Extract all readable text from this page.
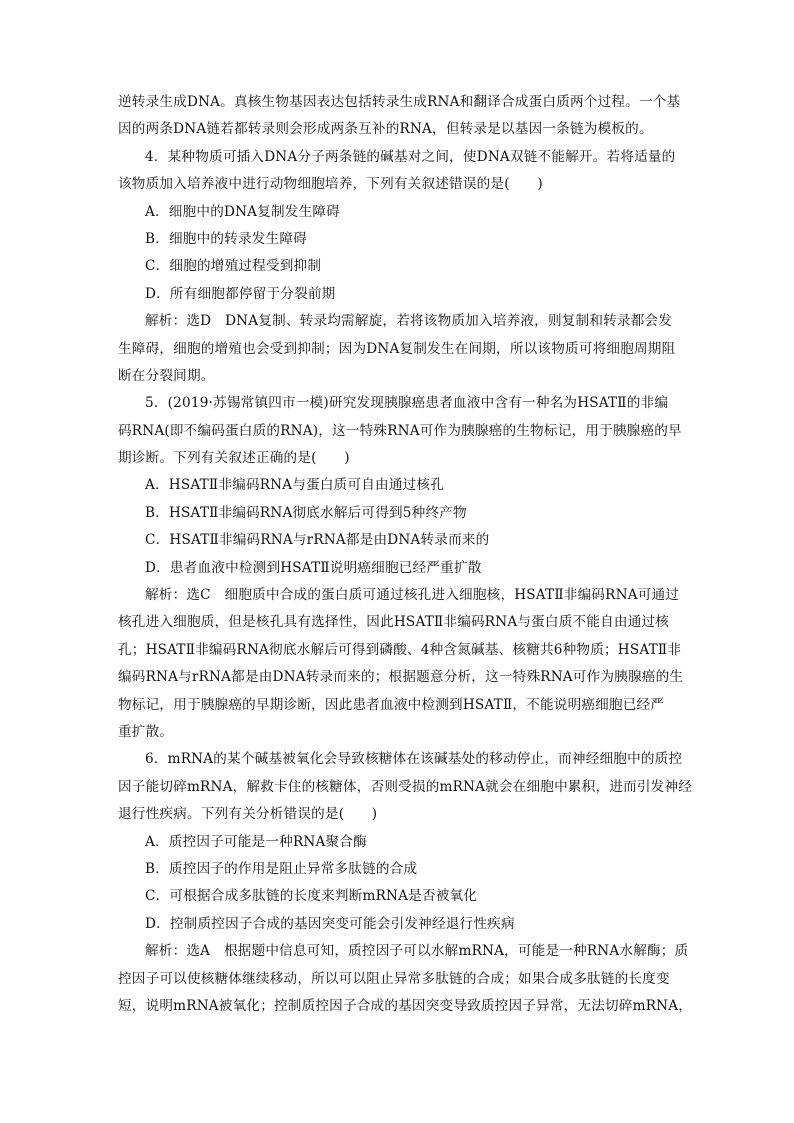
逆转录生成DNA。真核生物基因表达包括转录生成RNA和翻译合成蛋白质两个过程。一个基
因的两条DNA链若都转录则会形成两条互补的RNA，但转录是以基因一条链为模板的。
4．某种物质可插入DNA分子两条链的碱基对之间，使DNA双链不能解开。若将适量的
该物质加入培养液中进行动物细胞培养，下列有关叙述错误的是(　　)
A．细胞中的DNA复制发生障碍
B．细胞中的转录发生障碍
C．细胞的增殖过程受到抑制
D．所有细胞都停留于分裂前期
解析：选D　DNA复制、转录均需解旋，若将该物质加入培养液，则复制和转录都会发
生障碍，细胞的增殖也会受到抑制；因为DNA复制发生在间期，所以该物质可将细胞周期阻
断在分裂间期。
5．(2019·苏锡常镇四市一模)研究发现胰腺癌患者血液中含有一种名为HSATⅡ的非编
码RNA(即不编码蛋白质的RNA)，这一特殊RNA可作为胰腺癌的生物标记，用于胰腺癌的早
期诊断。下列有关叙述正确的是(　　)
A．HSATⅡ非编码RNA与蛋白质可自由通过核孔
B．HSATⅡ非编码RNA彻底水解后可得到5种终产物
C．HSATⅡ非编码RNA与rRNA都是由DNA转录而来的
D．患者血液中检测到HSATⅡ说明癌细胞已经严重扩散
解析：选C　细胞质中合成的蛋白质可通过核孔进入细胞核，HSATⅡ非编码RNA可通过
核孔进入细胞质，但是核孔具有选择性，因此HSATⅡ非编码RNA与蛋白质不能自由通过核
孔；HSATⅡ非编码RNA彻底水解后可得到磷酸、4种含氮碱基、核糖共6种物质；HSATⅡ非
编码RNA与rRNA都是由DNA转录而来的；根据题意分析，这一特殊RNA可作为胰腺癌的生
物标记，用于胰腺癌的早期诊断，因此患者血液中检测到HSATⅡ，不能说明癌细胞已经严
重扩散。
6．mRNA的某个碱基被氧化会导致核糖体在该碱基处的移动停止，而神经细胞中的质控
因子能切碎mRNA，解救卡住的核糖体，否则受损的mRNA就会在细胞中累积，进而引发神经
退行性疾病。下列有关分析错误的是(　　)
A．质控因子可能是一种RNA聚合酶
B．质控因子的作用是阻止异常多肽链的合成
C．可根据合成多肽链的长度来判断mRNA是否被氧化
D．控制质控因子合成的基因突变可能会引发神经退行性疾病
解析：选A　根据题中信息可知，质控因子可以水解mRNA，可能是一种RNA水解酶；质
控因子可以使核糖体继续移动，所以可以阻止异常多肽链的合成；如果合成多肽链的长度变
短，说明mRNA被氧化；控制质控因子合成的基因突变导致质控因子异常，无法切碎mRNA，
